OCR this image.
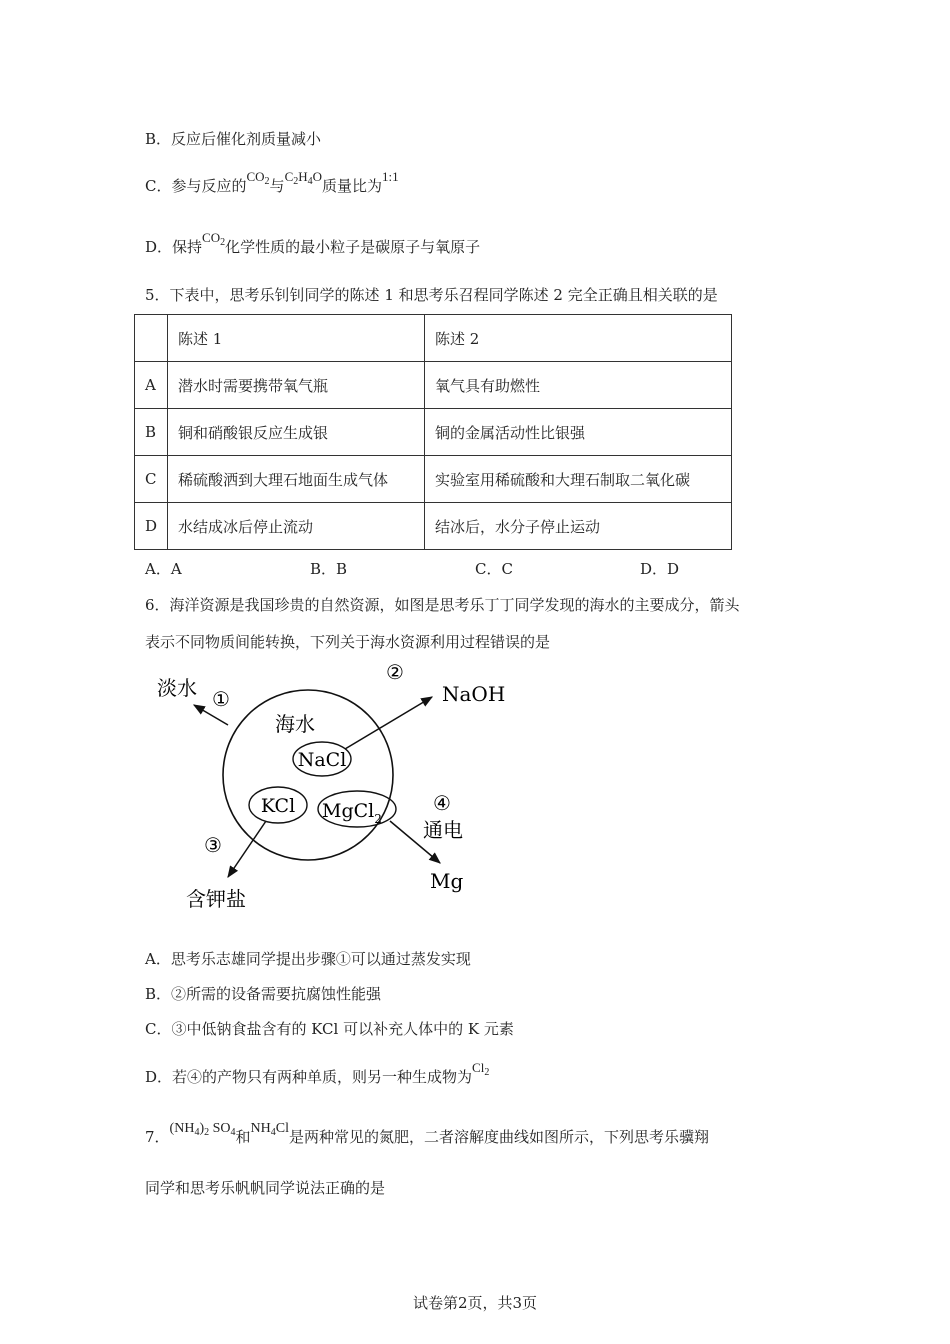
B．反应后催化剂质量减小
C．参与反应的$CO_2$与$C_2H_4O$质量比为1:1
D．保持$CO_2$化学性质的最小粒子是碳原子与氧原子
5．下表中，思考乐钊钊同学的陈述 1 和思考乐召程同学陈述 2 完全正确且相关联的是
	陈述 1	陈述 2
A	潜水时需要携带氧气瓶	氧气具有助燃性
B	铜和硝酸银反应生成银	铜的金属活动性比银强
C	稀硫酸洒到大理石地面生成气体	实验室用稀硫酸和大理石制取二氧化碳
D	水结成冰后停止流动	结冰后，水分子停止运动
A．A	B．B	C．C	D．D
6．海洋资源是我国珍贵的自然资源，如图是思考乐丁丁同学发现的海水的主要成分，箭头
表示不同物质间能转换，下列关于海水资源利用过程错误的是
海水
NaCl
KCl MgCl$_2$
淡水 ①	NaOH
②
含钾盐
③
Mg
④
通电
A．思考乐志雄同学提出步骤①可以通过蒸发实现
B．②所需的设备需要抗腐蚀性能强
C．③中低钠食盐含有的 KCl 可以补充人体中的 K 元素
D．若④的产物只有两种单质，则另一种生成物为$Cl_2$
7．$(NH_4)_2$ $SO_4$和$NH_4Cl$是两种常见的氮肥，二者溶解度曲线如图所示，下列思考乐骥翔
同学和思考乐帆帆同学说法正确的是
试卷第2页，共3页
